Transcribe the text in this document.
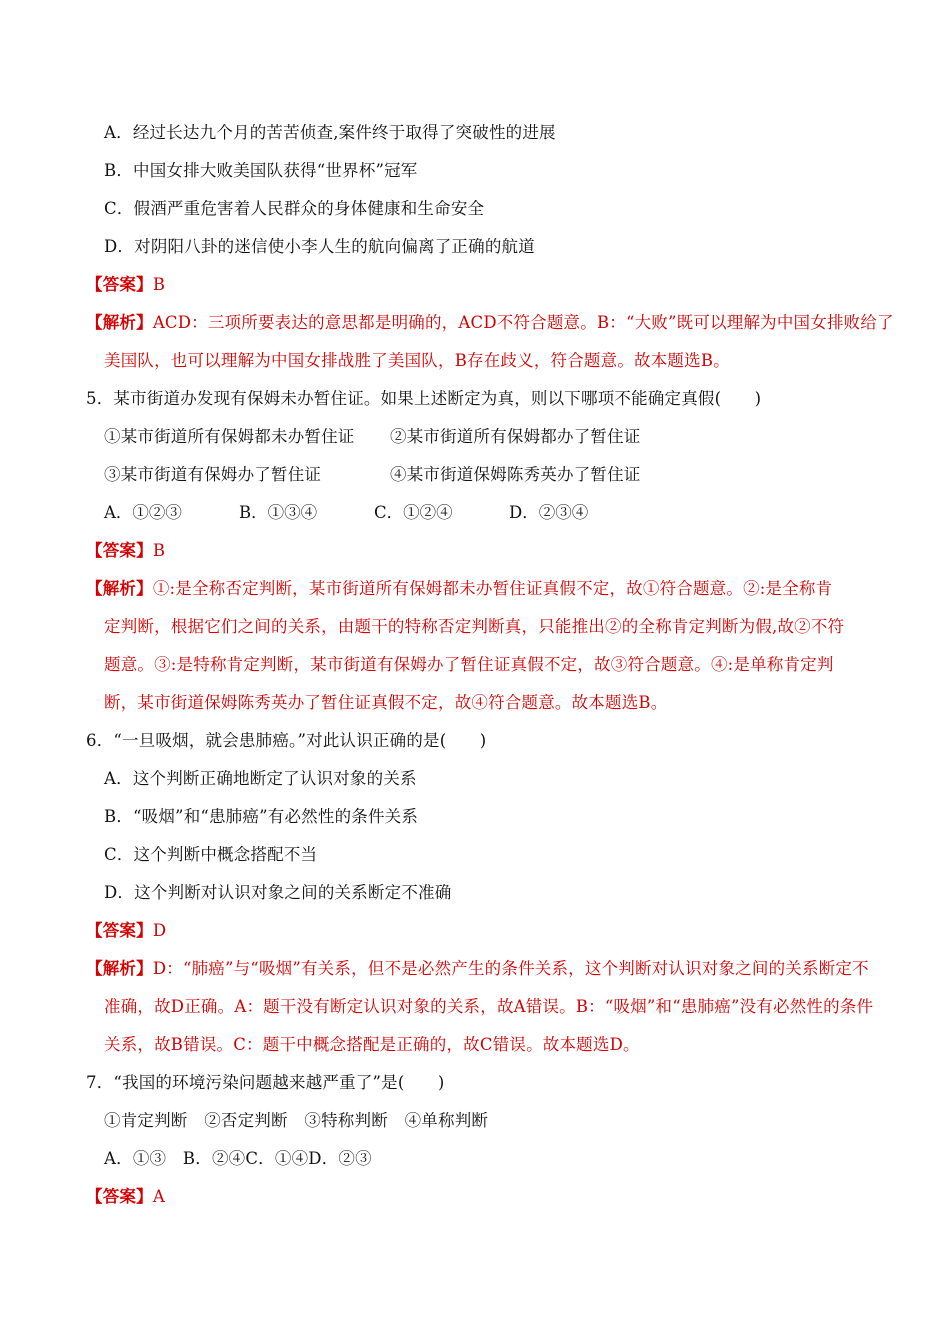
A．经过长达九个月的苦苦侦查,案件终于取得了突破性的进展
B．中国女排大败美国队获得“世界杯”冠军
C．假酒严重危害着人民群众的身体健康和生命安全
D．对阴阳八卦的迷信使小李人生的航向偏离了正确的航道
【答案】B
【解析】ACD：三项所要表达的意思都是明确的，ACD不符合题意。B：“大败”既可以理解为中国女排败给了
美国队，也可以理解为中国女排战胜了美国队，B存在歧义，符合题意。故本题选B。
5．某市街道办发现有保姆未办暂住证。如果上述断定为真，则以下哪项不能确定真假(　　)
①某市街道所有保姆都未办暂住证 ②某市街道所有保姆都办了暂住证
③某市街道有保姆办了暂住证	④某市街道保姆陈秀英办了暂住证
A．①②③	B．①③④	C．①②④	D．②③④
【答案】B
【解析】①:是全称否定判断，某市街道所有保姆都未办暂住证真假不定，故①符合题意。②:是全称肯
定判断，根据它们之间的关系，由题干的特称否定判断真，只能推出②的全称肯定判断为假,故②不符
题意。③:是特称肯定判断，某市街道有保姆办了暂住证真假不定，故③符合题意。④:是单称肯定判
断，某市街道保姆陈秀英办了暂住证真假不定，故④符合题意。故本题选B。
6．“一旦吸烟，就会患肺癌。”对此认识正确的是(　　)
A．这个判断正确地断定了认识对象的关系
B．“吸烟”和“患肺癌”有必然性的条件关系
C．这个判断中概念搭配不当
D．这个判断对认识对象之间的关系断定不准确
【答案】D
【解析】D：“肺癌”与“吸烟”有关系，但不是必然产生的条件关系，这个判断对认识对象之间的关系断定不
准确，故D正确。A：题干没有断定认识对象的关系，故A错误。B：“吸烟”和“患肺癌”没有必然性的条件
关系，故B错误。C：题干中概念搭配是正确的，故C错误。故本题选D。
7．“我国的环境污染问题越来越严重了”是(　　)
①肯定判断　②否定判断　③特称判断　④单称判断
A．①③　B．②④C．①④D．②③
【答案】A
